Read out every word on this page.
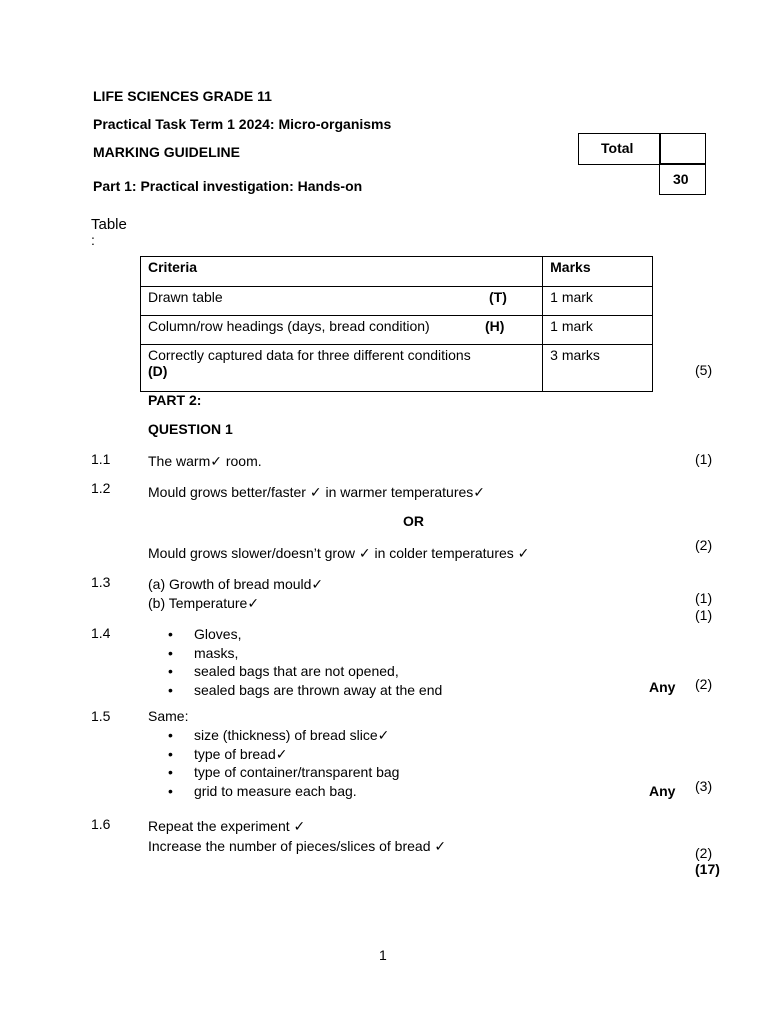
LIFE SCIENCES GRADE 11
Practical Task Term 1 2024: Micro-organisms
MARKING GUIDELINE
Part 1: Practical investigation: Hands-on
Total
30
Table
:
Criteria	Marks
Drawn table (T)	1 mark
Column/row headings (days, bread condition) (H)	1 mark

Correctly captured data for three different conditions
(D)	3 marks
(5)
PART 2:
QUESTION 1
1.1	The warm✓ room.	(1)
1.2	Mould grows better/faster ✓ in warmer temperatures✓
OR
(2)
Mould grows slower/doesn’t grow ✓ in colder temperatures ✓
1.3	(a) Growth of bread mould✓
(b) Temperature✓	(1)
(1)
1.4	• Gloves,
• masks,
• sealed bags that are not opened,
• sealed bags are thrown away at the end	Any (2)
1.5	Same:
• size (thickness) of bread slice✓
• type of bread✓
• type of container/transparent bag
• grid to measure each bag.	Any (3)
1.6	Repeat the experiment ✓
Increase the number of pieces/slices of bread ✓	(2)
(17)
1
